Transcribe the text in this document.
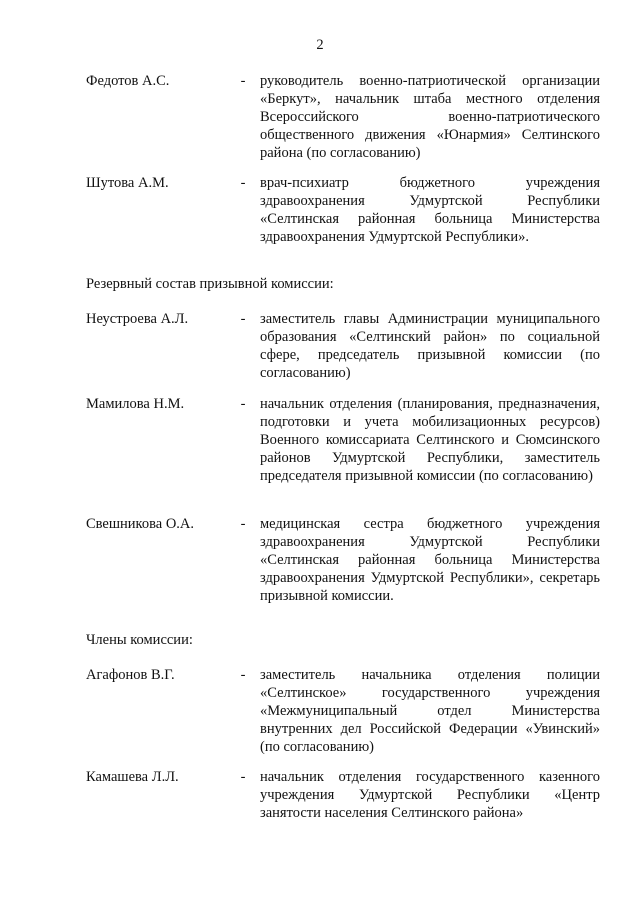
2
Федотов А.С.	- руководитель военно-патриотической организации «Беркут», начальник штаба местного отделения Всероссийского военно-патриотического общественного движения «Юнармия» Селтинского района (по согласованию)
Шутова А.М.	- врач-психиатр бюджетного учреждения здравоохранения Удмуртской Республики «Селтинская районная больница Министерства здравоохранения Удмуртской Республики».
Резервный состав призывной комиссии:
Неустроева А.Л.	- заместитель главы Администрации муниципального образования «Селтинский район» по социальной сфере, председатель призывной комиссии (по согласованию)
Мамилова Н.М.	- начальник отделения (планирования, предназначения, подготовки и учета мобилизационных ресурсов) Военного комиссариата Селтинского и Сюмсинского районов Удмуртской Республики, заместитель председателя призывной комиссии (по согласованию)
Свешникова О.А.	- медицинская сестра бюджетного учреждения здравоохранения Удмуртской Республики «Селтинская районная больница Министерства здравоохранения Удмуртской Республики», секретарь призывной комиссии.
Члены комиссии:
Агафонов В.Г.	- заместитель начальника отделения полиции «Селтинское» государственного учреждения «Межмуниципальный отдел Министерства внутренних дел Российской Федерации «Увинский» (по согласованию)
Камашева Л.Л.	- начальник отделения государственного казенного учреждения Удмуртской Республики «Центр занятости населения Селтинского района»
